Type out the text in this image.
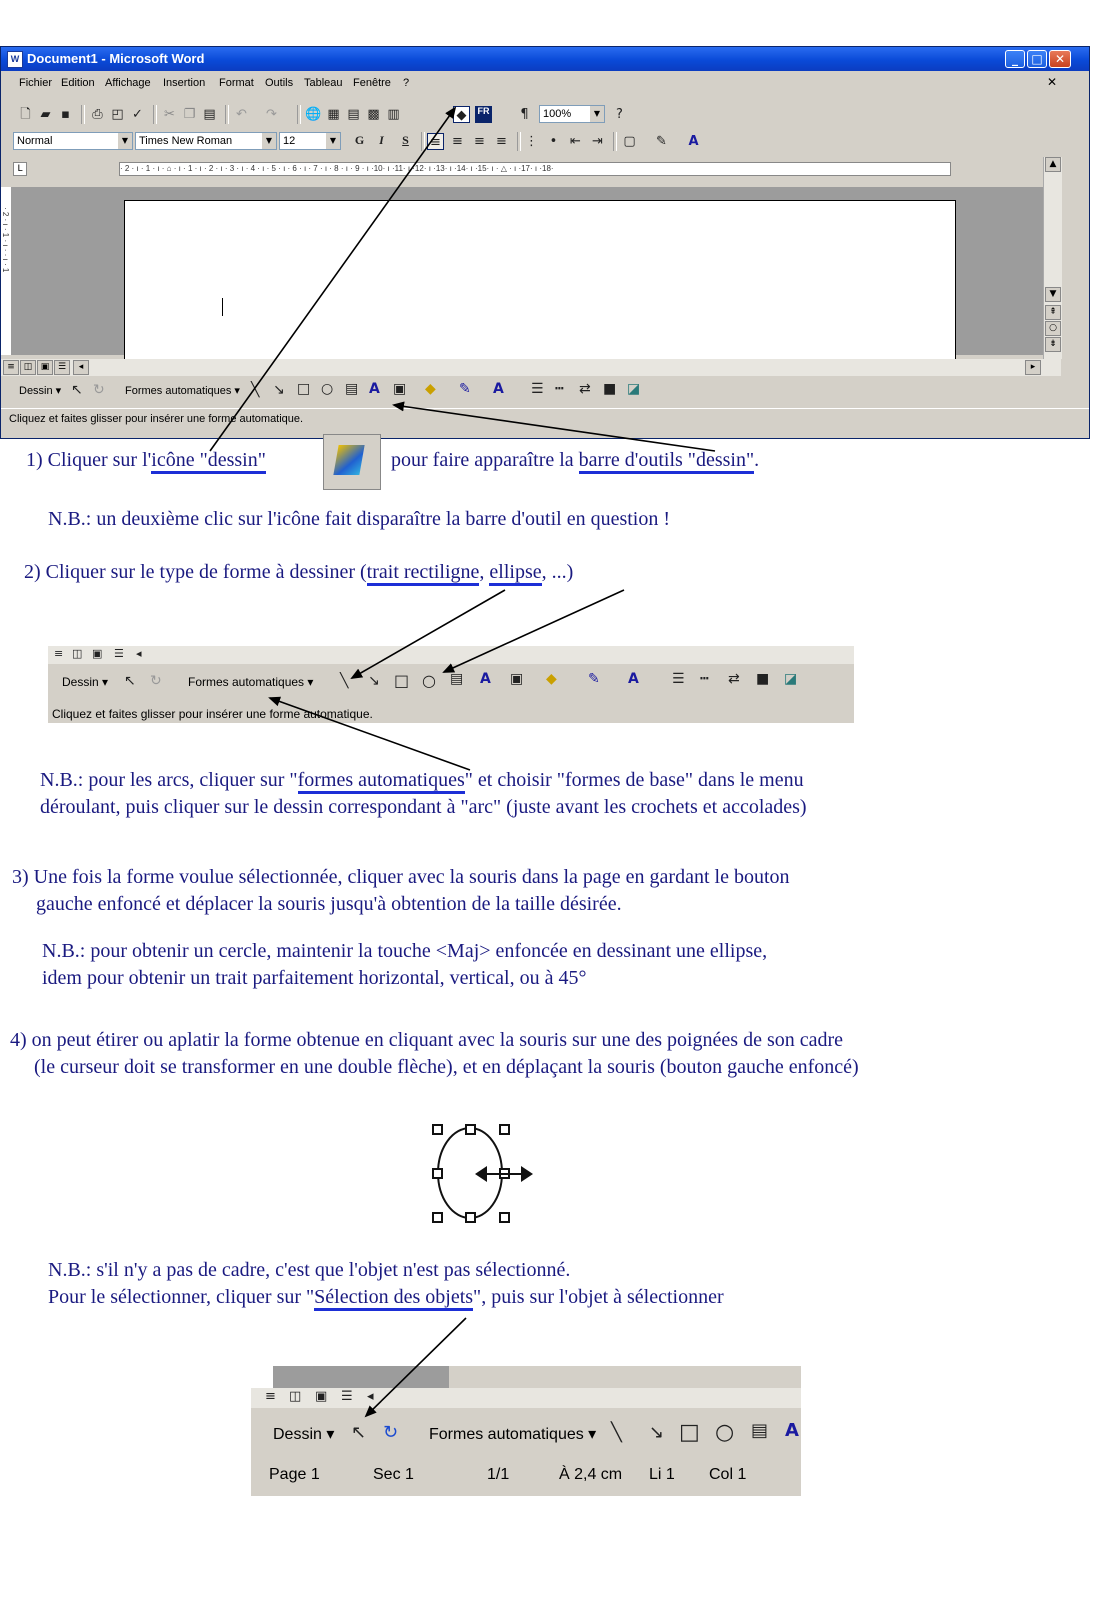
W Document1 - Microsoft Word	_	□	✕
Fichier Edition Affichage Insertion Format Outils Tableau Fenêtre ?	✕
🗋 ▰ ▪	⎙ ◰ ✓ ✂ ❐ ▤ ↶ ↷ 🌐 ▦ ▤ ▩ ▥	◆	FR	¶	100%	▼	?
Normal	▼ Times New Roman	▼ 12	▼	G	I	S	≡ ≡ ≡ ≡ ⋮ • ⇤ ⇥ ▢ ✎ A
L	· 2 · ı · 1 · ı · ⌂ · ı · 1 · ı · 2 · ı · 3 · ı · 4 · ı · 5 · ı · 6 · ı · 7 · ı · 8 · ı · 9 · ı ·10· ı ·11· ı ·12· ı ·13· ı ·14· ı ·15· ı · △ · ı ·17· ı ·18·
· 2 · ı · 1 · ı · · ı · 1
▲
▼
⇞
○
⇟
≡ ◫ ▣ ☰	◂	▸
Dessin ▾ ↖ ↻ Formes automatiques ▾ ╲ ↘ □ ○ ▤ A ▣ ◆ ✎ A ☰ ┅ ⇄ ■ ◪
Cliquez et faites glisser pour insérer une forme automatique.
1) Cliquer sur l'icône "dessin"	pour faire apparaître la barre d'outils "dessin".
N.B.: un deuxième clic sur l'icône fait disparaître la barre d'outil en question !
2) Cliquer sur le type de forme à dessiner (trait rectiligne, ellipse, ...)
≡ ◫ ▣ ☰ ◂
Dessin ▾ ↖ ↻ Formes automatiques ▾ ╲ ↘ □ ○ ▤ A ▣ ◆ ✎ A ☰ ┅ ⇄ ■ ◪
Cliquez et faites glisser pour insérer une forme automatique.
N.B.: pour les arcs, cliquer sur "formes automatiques" et choisir "formes de base" dans le menu
déroulant, puis cliquer sur le dessin correspondant à "arc" (juste avant les crochets et accolades)
3) Une fois la forme voulue sélectionnée, cliquer avec la souris dans la page en gardant le bouton
gauche enfoncé et déplacer la souris jusqu'à obtention de la taille désirée.
N.B.: pour obtenir un cercle, maintenir la touche <Maj> enfoncée en dessinant une ellipse,
idem pour obtenir un trait parfaitement horizontal, vertical, ou à 45°
4) on peut étirer ou aplatir la forme obtenue en cliquant avec la souris sur une des poignées de son cadre
(le curseur doit se transformer en une double flèche), et en déplaçant la souris (bouton gauche enfoncé)
N.B.: s'il n'y a pas de cadre, c'est que l'objet n'est pas sélectionné.
Pour le sélectionner, cliquer sur "Sélection des objets", puis sur l'objet à sélectionner
≡ ◫ ▣ ☰ ◂
Dessin ▾ ↖ ↻ Formes automatiques ▾ ╲ ↘ □ ○ ▤ A
Page 1	Sec 1	1/1	À 2,4 cm Li 1 Col 1
